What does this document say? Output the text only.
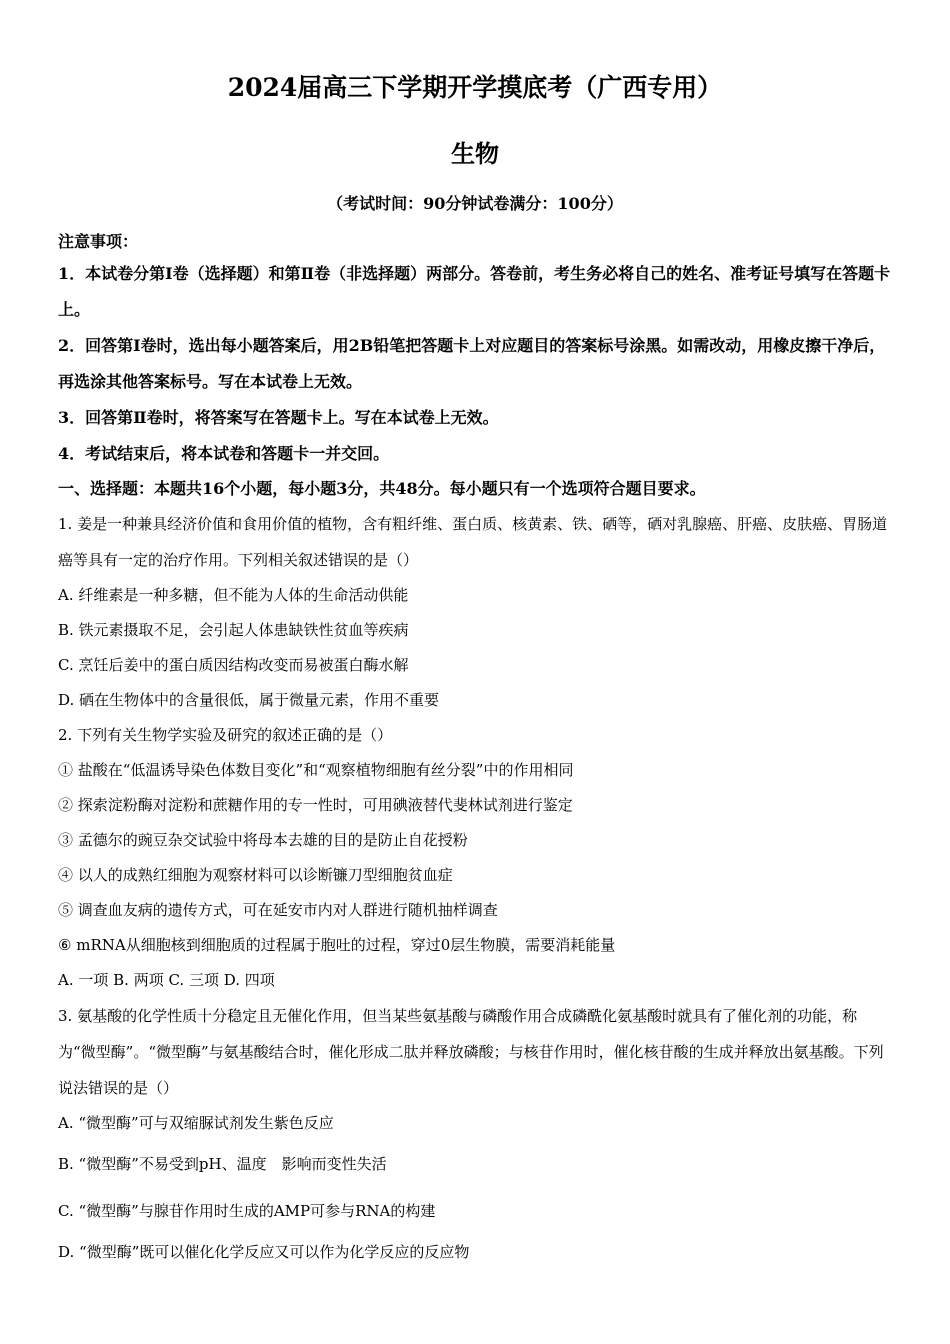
2024届高三下学期开学摸底考（广西专用）
生物
（考试时间：90分钟试卷满分：100分）
注意事项：

1．本试卷分第Ⅰ卷（选择题）和第Ⅱ卷（非选择题）两部分。答卷前，考生务必将自己的姓名、准考证号填写在答题卡上。

2．回答第Ⅰ卷时，选出每小题答案后，用2B铅笔把答题卡上对应题目的答案标号涂黑。如需改动，用橡皮擦干净后，再选涂其他答案标号。写在本试卷上无效。

3．回答第Ⅱ卷时，将答案写在答题卡上。写在本试卷上无效。

4．考试结束后，将本试卷和答题卡一并交回。

一、选择题：本题共16个小题，每小题3分，共48分。每小题只有一个选项符合题目要求。

1. 姜是一种兼具经济价值和食用价值的植物，含有粗纤维、蛋白质、核黄素、铁、硒等，硒对乳腺癌、肝癌、皮肤癌、胃肠道癌等具有一定的治疗作用。下列相关叙述错误的是（）

A. 纤维素是一种多糖，但不能为人体的生命活动供能

B. 铁元素摄取不足，会引起人体患缺铁性贫血等疾病

C. 烹饪后姜中的蛋白质因结构改变而易被蛋白酶水解

D. 硒在生物体中的含量很低，属于微量元素，作用不重要

2. 下列有关生物学实验及研究的叙述正确的是（）

① 盐酸在“低温诱导染色体数目变化”和“观察植物细胞有丝分裂”中的作用相同

② 探索淀粉酶对淀粉和蔗糖作用的专一性时，可用碘液替代斐林试剂进行鉴定

③ 孟德尔的豌豆杂交试验中将母本去雄的目的是防止自花授粉

④ 以人的成熟红细胞为观察材料可以诊断镰刀型细胞贫血症

⑤ 调查血友病的遗传方式，可在延安市内对人群进行随机抽样调查

⑥ mRNA从细胞核到细胞质的过程属于胞吐的过程，穿过0层生物膜，需要消耗能量

A. 一项 B. 两项 C. 三项 D. 四项

3. 氨基酸的化学性质十分稳定且无催化作用，但当某些氨基酸与磷酸作用合成磷酰化氨基酸时就具有了催化剂的功能，称为“微型酶”。“微型酶”与氨基酸结合时，催化形成二肽并释放磷酸；与核苷作用时，催化核苷酸的生成并释放出氨基酸。下列说法错误的是（）

A. “微型酶”可与双缩脲试剂发生紫色反应

B. “微型酶”不易受到pH、温度　影响而变性失活

C. “微型酶”与腺苷作用时生成的AMP可参与RNA的构建

D. “微型酶”既可以催化化学反应又可以作为化学反应的反应物
